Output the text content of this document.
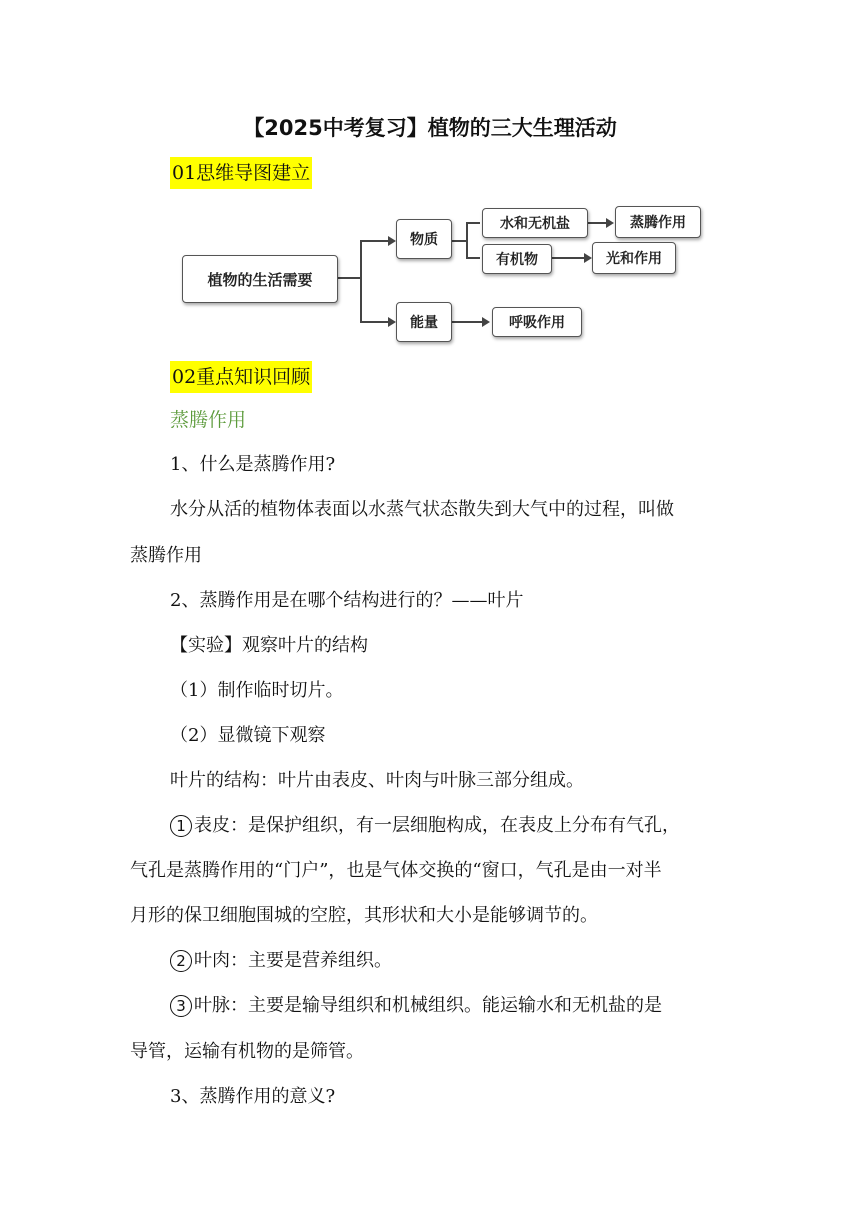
【2025中考复习】植物的三大生理活动
01思维导图建立
植物的生活需要
物质
能量
水和无机盐
有机物
蒸腾作用
光和作用
呼吸作用
02重点知识回顾
蒸腾作用
1、什么是蒸腾作用?
水分从活的植物体表面以水蒸气状态散失到大气中的过程，叫做
蒸腾作用
2、蒸腾作用是在哪个结构进行的？——叶片
【实验】观察叶片的结构
（1）制作临时切片。
（2）显微镜下观察
叶片的结构：叶片由表皮、叶肉与叶脉三部分组成。
1 表皮：是保护组织，有一层细胞构成，在表皮上分布有气孔，
气孔是蒸腾作用的“门户”，也是气体交换的“窗口，气孔是由一对半
月形的保卫细胞围城的空腔，其形状和大小是能够调节的。
2 叶肉：主要是营养组织。
3 叶脉：主要是输导组织和机械组织。能运输水和无机盐的是
导管，运输有机物的是筛管。
3、蒸腾作用的意义?
